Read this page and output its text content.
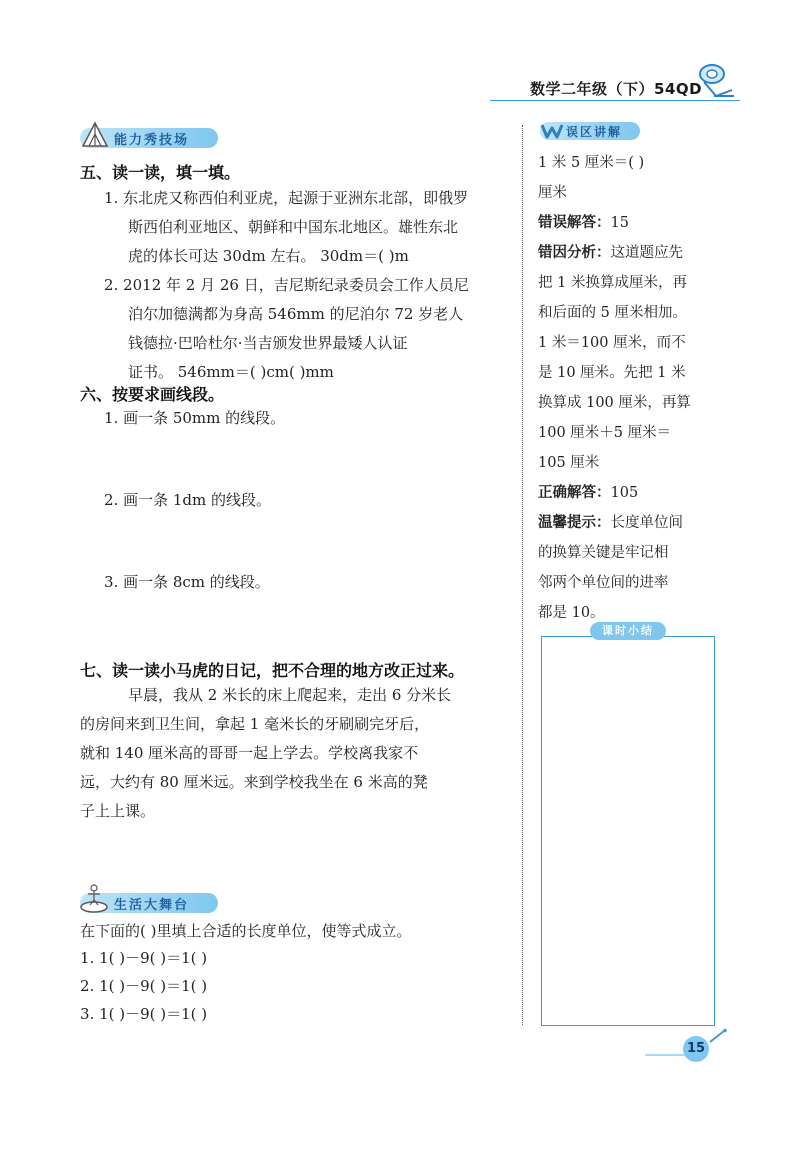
数学二年级（下）54QD
能力秀技场
五、读一读，填一填。
1. 东北虎又称西伯利亚虎，起源于亚洲东北部，即俄罗
斯西伯利亚地区、朝鲜和中国东北地区。雄性东北
虎的体长可达 30dm 左右。 30dm＝( )m
2. 2012 年 2 月 26 日，吉尼斯纪录委员会工作人员尼
泊尔加德满都为身高 546mm 的尼泊尔 72 岁老人
钱德拉·巴哈杜尔·当吉颁发世界最矮人认证
证书。 546mm＝( )cm( )mm
六、按要求画线段。
1. 画一条 50mm 的线段。
2. 画一条 1dm 的线段。
3. 画一条 8cm 的线段。
七、读一读小马虎的日记，把不合理的地方改正过来。
早晨，我从 2 米长的床上爬起来，走出 6 分米长
的房间来到卫生间，拿起 1 毫米长的牙刷刷完牙后，
就和 140 厘米高的哥哥一起上学去。学校离我家不
远，大约有 80 厘米远。来到学校我坐在 6 米高的凳
子上上课。
生活大舞台
在下面的( )里填上合适的长度单位，使等式成立。
1. 1( )－9( )＝1( )
2. 1( )－9( )＝1( )
3. 1( )－9( )＝1( )
误区讲解
1 米 5 厘米＝( )
厘米
错误解答：15
错因分析：这道题应先
把 1 米换算成厘米，再
和后面的 5 厘米相加。
1 米＝100 厘米，而不
是 10 厘米。先把 1 米
换算成 100 厘米，再算
100 厘米＋5 厘米＝
105 厘米
正确解答：105
温馨提示：长度单位间
的换算关键是牢记相
邻两个单位间的进率
都是 10。
课时小结
15
